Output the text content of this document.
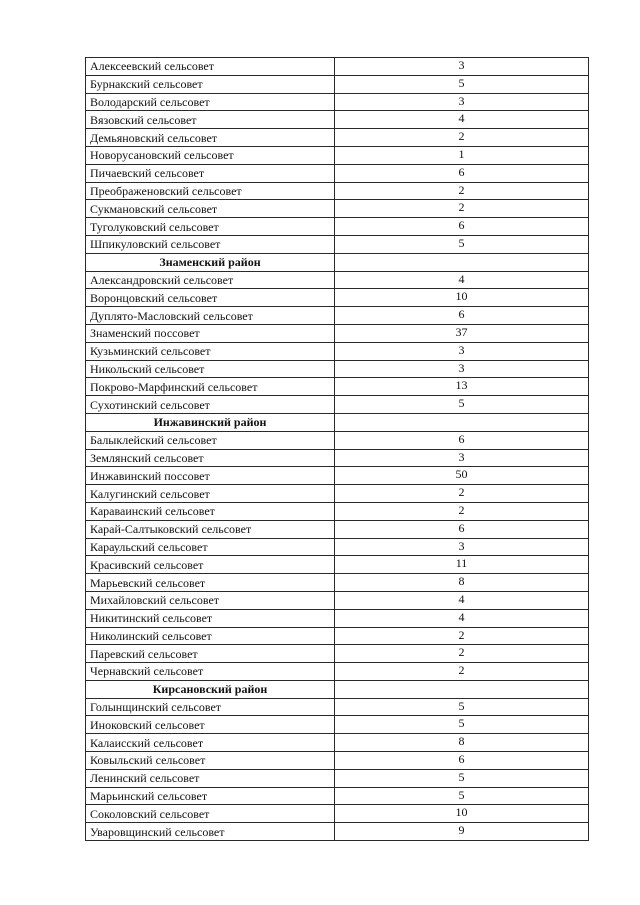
Алексеевский сельсовет	3
Бурнакский сельсовет	5
Володарский сельсовет	3
Вязовский сельсовет	4
Демьяновский сельсовет	2
Новорусановский сельсовет	1
Пичаевский сельсовет	6
Преображеновский сельсовет	2
Сукмановский сельсовет	2
Туголуковский сельсовет	6
Шпикуловский сельсовет	5
Знаменский район	
Александровский сельсовет	4
Воронцовский сельсовет	10
Дуплято-Масловский сельсовет	6
Знаменский поссовет	37
Кузьминский сельсовет	3
Никольский сельсовет	3
Покрово-Марфинский сельсовет	13
Сухотинский сельсовет	5
Инжавинский район	
Балыклейский сельсовет	6
Землянский сельсовет	3
Инжавинский поссовет	50
Калугинский сельсовет	2
Караваинский сельсовет	2
Карай-Салтыковский сельсовет	6
Караульский сельсовет	3
Красивский сельсовет	11
Марьевский сельсовет	8
Михайловский сельсовет	4
Никитинский сельсовет	4
Николинский сельсовет	2
Паревский сельсовет	2
Чернавский сельсовет	2
Кирсановский район	
Голынщинский сельсовет	5
Иноковский сельсовет	5
Калаисский сельсовет	8
Ковыльский сельсовет	6
Ленинский сельсовет	5
Марьинский сельсовет	5
Соколовский сельсовет	10
Уваровщинский сельсовет	9
